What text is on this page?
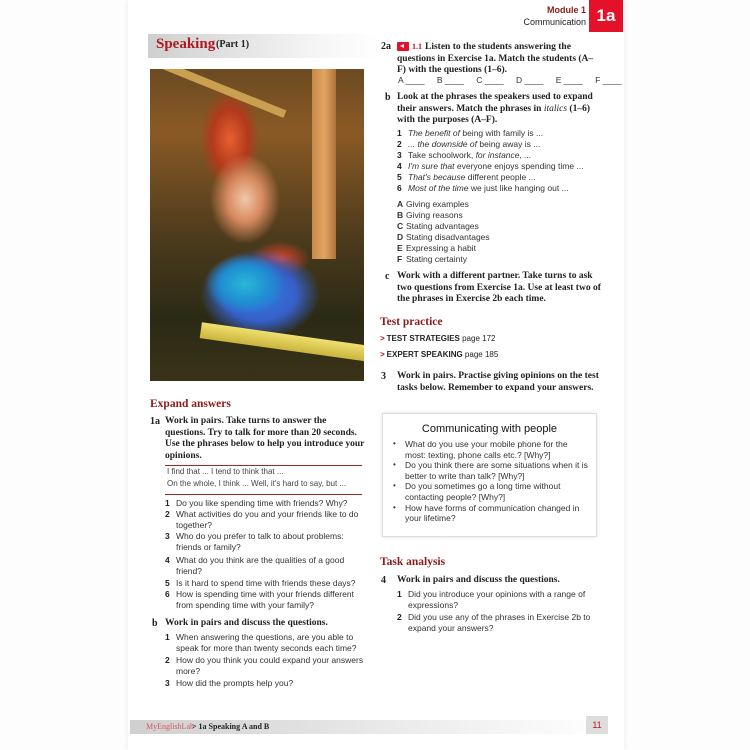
Module 1
Communication 1a
Speaking (Part 1)
Expand answers
1a Work in pairs. Take turns to answer the questions. Try to talk for more than 20 seconds. Use the phrases below to help you introduce your opinions.
I find that ... I tend to think that ...
On the whole, I think ... Well, it's hard to say, but ...
1 Do you like spending time with friends? Why?
2 What activities do you and your friends like to do together?
3 Who do you prefer to talk to about problems: friends or family?
4 What do you think are the qualities of a good friend?
5 Is it hard to spend time with friends these days?
6 How is spending time with your friends different from spending time with your family?
b Work in pairs and discuss the questions.
1 When answering the questions, are you able to speak for more than twenty seconds each time?
2 How do you think you could expand your answers more?
3 How did the prompts help you?
2a	1.1 Listen to the students answering the questions in Exercise 1a. Match the students (A–F) with the questions (1–6).
A ____ B ____ C ____ D ____ E ____ F ____
b Look at the phrases the speakers used to expand their answers. Match the phrases in italics (1–6) with the purposes (A–F).
1 The benefit of being with family is ...
2 ... the downside of being away is ...
3 Take schoolwork, for instance, ...
4 I'm sure that everyone enjoys spending time ...
5 That's because different people ...
6 Most of the time we just like hanging out ...
A Giving examples
B Giving reasons
C Stating advantages
D Stating disadvantages
E Expressing a habit
F Stating certainty
c Work with a different partner. Take turns to ask two questions from Exercise 1a. Use at least two of the phrases in Exercise 2b each time.
Test practice
> TEST STRATEGIES page 172
> EXPERT SPEAKING page 185
3 Work in pairs. Practise giving opinions on the test tasks below. Remember to expand your answers.
Communicating with people
• What do you use your mobile phone for the most: texting, phone calls etc.? [Why?]
• Do you think there are some situations when it is better to write than talk? [Why?]
• Do you sometimes go a long time without contacting people? [Why?]
• How have forms of communication changed in your lifetime?
Task analysis
4 Work in pairs and discuss the questions.
1 Did you introduce your opinions with a range of expressions?
2 Did you use any of the phrases in Exercise 2b to expand your answers?
MyEnglishLab
> 1a Speaking A and B	11
